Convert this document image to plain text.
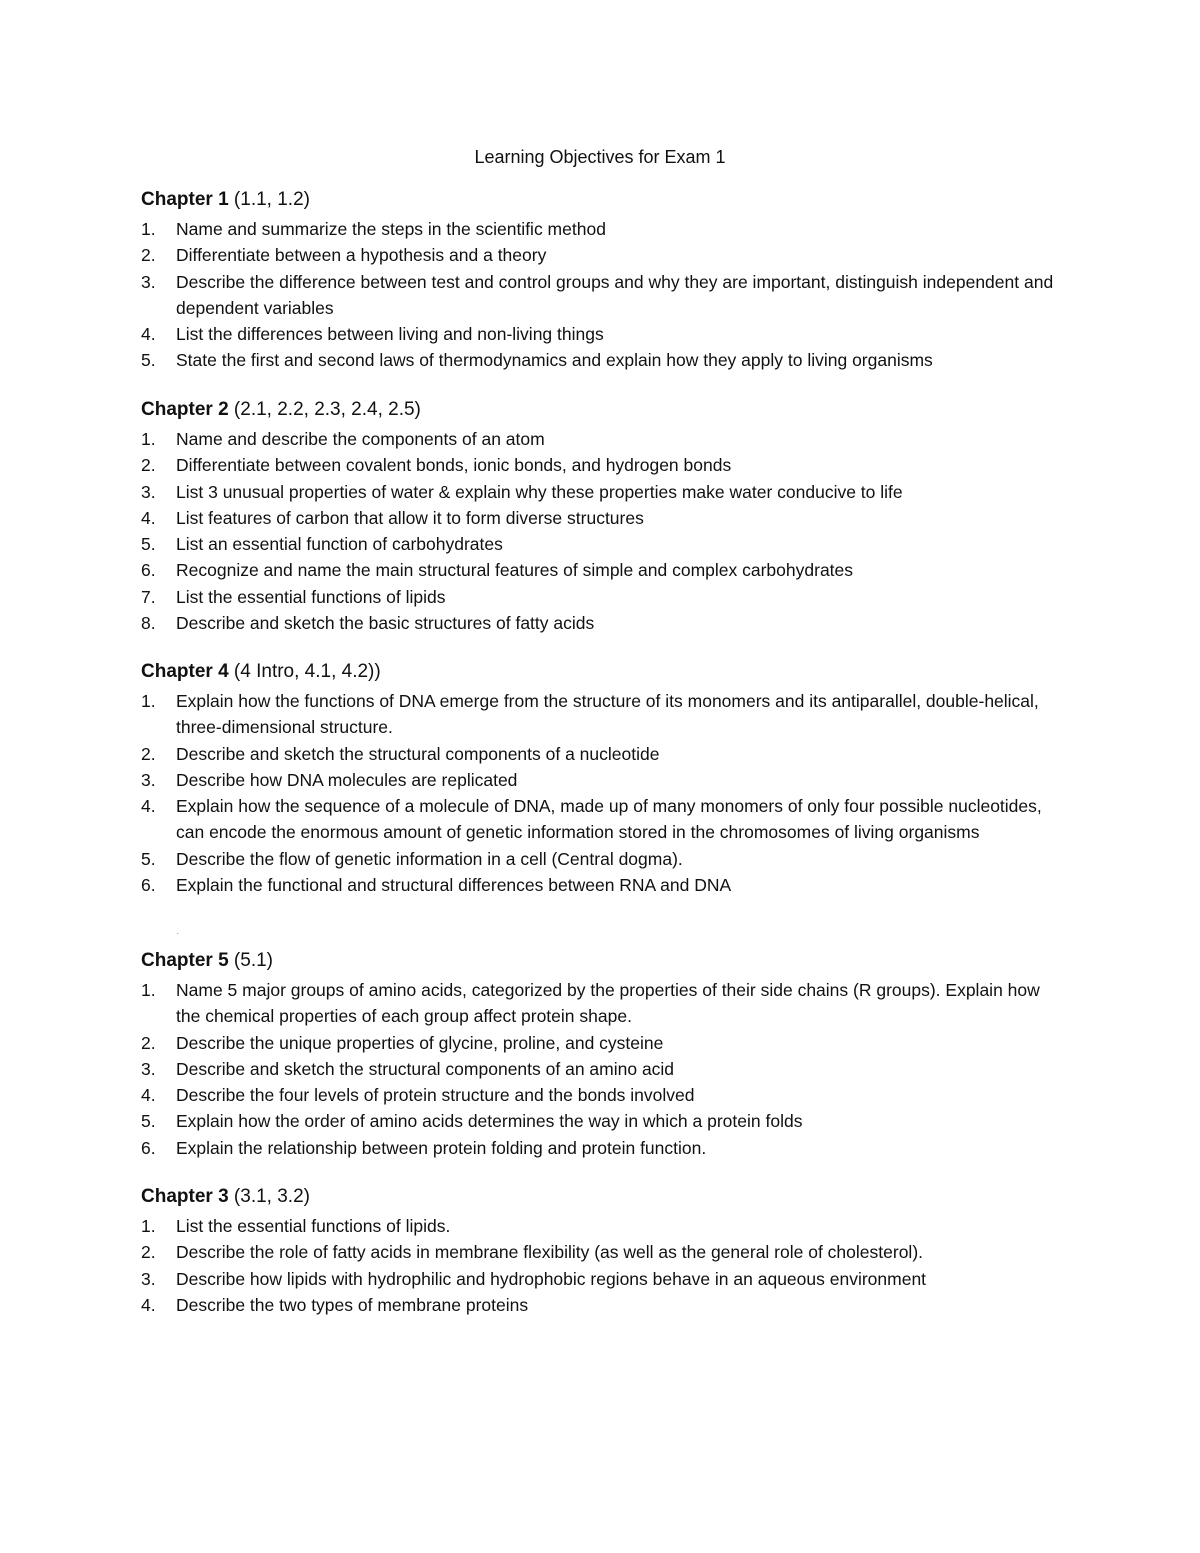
Learning Objectives for Exam 1
Chapter 1 (1.1, 1.2)
1.	Name and summarize the steps in the scientific method
2.	Differentiate between a hypothesis and a theory
3.	Describe the difference between test and control groups and why they are important, distinguish independent and dependent variables
4.	List the differences between living and non-living things
5.	State the first and second laws of thermodynamics and explain how they apply to living organisms
Chapter 2 (2.1, 2.2, 2.3, 2.4, 2.5)
1.	Name and describe the components of an atom
2.	Differentiate between covalent bonds, ionic bonds, and hydrogen bonds
3.	List 3 unusual properties of water & explain why these properties make water conducive to life
4.	List features of carbon that allow it to form diverse structures
5.	List an essential function of carbohydrates
6.	Recognize and name the main structural features of simple and complex carbohydrates
7.	List the essential functions of lipids
8.	Describe and sketch the basic structures of fatty acids
Chapter 4 (4 Intro, 4.1, 4.2))
1.	Explain how the functions of DNA emerge from the structure of its monomers and its antiparallel, double-helical, three-dimensional structure.
2.	Describe and sketch the structural components of a nucleotide
3.	Describe how DNA molecules are replicated
4.	Explain how the sequence of a molecule of DNA, made up of many monomers of only four possible nucleotides, can encode the enormous amount of genetic information stored in the chromosomes of living organisms
5.	Describe the flow of genetic information in a cell (Central dogma).
6.	Explain the functional and structural differences between RNA and DNA
·
Chapter 5 (5.1)
1.	Name 5 major groups of amino acids, categorized by the properties of their side chains (R groups). Explain how the chemical properties of each group affect protein shape.
2.	Describe the unique properties of glycine, proline, and cysteine
3.	Describe and sketch the structural components of an amino acid
4.	Describe the four levels of protein structure and the bonds involved
5.	Explain how the order of amino acids determines the way in which a protein folds
6.	Explain the relationship between protein folding and protein function.
Chapter 3 (3.1, 3.2)
1.	List the essential functions of lipids.
2.	Describe the role of fatty acids in membrane flexibility (as well as the general role of cholesterol).
3.	Describe how lipids with hydrophilic and hydrophobic regions behave in an aqueous environment
4.	Describe the two types of membrane proteins
